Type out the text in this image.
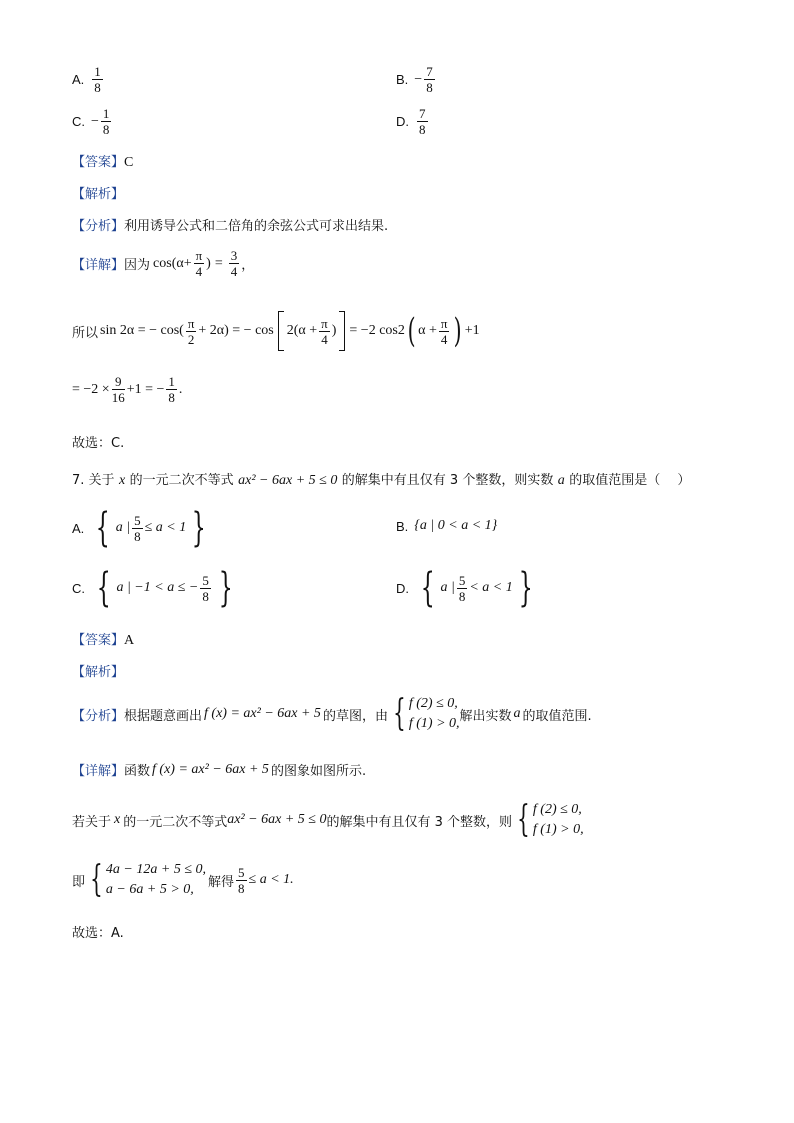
A. $\frac{1}{8}$	B. − $\frac{7}{8}$
C. − $\frac{1}{8}$	D. $\frac{7}{8}$
【答案】C
【解析】
【分析】利用诱导公式和二倍角的余弦公式可求出结果.
【详解】 因为 $\cos(\alpha+ \frac{\pi}{4}$ ) = $\frac{3}{4}$ ，
所以 sin 2α = − $\cos( \frac{\pi}{2} + 2\alpha)$ = − $\cos 2(\alpha + \frac{\pi}{4}$ ) = −2 cos 2 ( $\alpha + \frac{\pi}{4}$ ) +1
= $-2 \times \frac{9}{16} +1$ = − $\frac{1}{8}$ .
故选：C.
7. 关于 x 的一元二次不等式 ax² − 6ax + 5 ≤ 0 的解集中有且仅有 3 个整数，则实数 a 的取值范围是（　 ）
A. { a | $\frac{5}{8} \le a < 1$ }	B. {a | 0 < a < 1}
C. { a | −1 < a ≤ − $\frac{5}{8}$ }	D. { a | $\frac{5}{8} < a < 1$ }
【答案】A
【解析】
【分析】 根据题意画出 f (x) = ax² − 6ax + 5 的草图，由 { f (2) ≤ 0,
f (1) > 0, 解出实数 a 的取值范围.
【详解】 函数 f (x) = ax² − 6ax + 5 的图象如图所示.
若关于 x 的一元二次不等式 ax² − 6ax + 5 ≤ 0 的解集中有且仅有 3 个整数，则 { f (2) ≤ 0,
f (1) > 0,
即 { 4a − 12a + 5 ≤ 0,
a − 6a + 5 > 0,	解得 $\frac{5}{8} \le a < 1$.
故选：A.
